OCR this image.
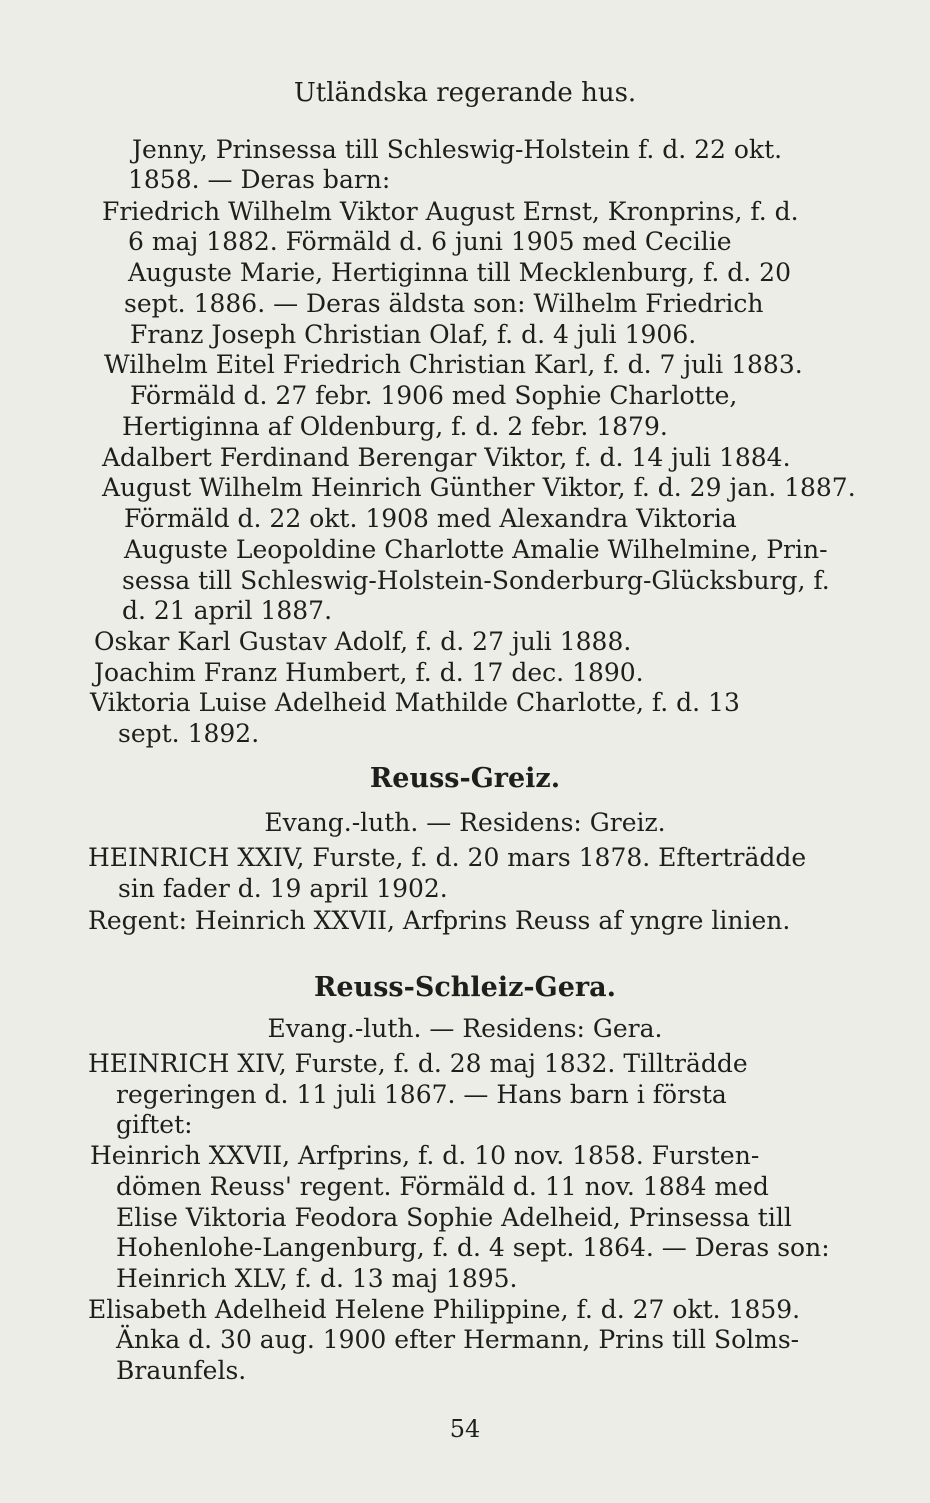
Utländska regerande hus.
Jenny, Prinsessa till Schleswig-Holstein f. d. 22 okt.
1858. — Deras barn:
Friedrich Wilhelm Viktor August Ernst, Kronprins, f. d.
6 maj 1882. Förmäld d. 6 juni 1905 med Cecilie
Auguste Marie, Hertiginna till Mecklenburg, f. d. 20
sept. 1886. — Deras äldsta son: Wilhelm Friedrich
Franz Joseph Christian Olaf, f. d. 4 juli 1906.
Wilhelm Eitel Friedrich Christian Karl, f. d. 7 juli 1883.
Förmäld d. 27 febr. 1906 med Sophie Charlotte,
Hertiginna af Oldenburg, f. d. 2 febr. 1879.
Adalbert Ferdinand Berengar Viktor, f. d. 14 juli 1884.
August Wilhelm Heinrich Günther Viktor, f. d. 29 jan. 1887.
Förmäld d. 22 okt. 1908 med Alexandra Viktoria
Auguste Leopoldine Charlotte Amalie Wilhelmine, Prin-
sessa till Schleswig-Holstein-Sonderburg-Glücksburg, f.
d. 21 april 1887.
Oskar Karl Gustav Adolf, f. d. 27 juli 1888.
Joachim Franz Humbert, f. d. 17 dec. 1890.
Viktoria Luise Adelheid Mathilde Charlotte, f. d. 13
sept. 1892.
Reuss-Greiz.
Evang.-luth. — Residens: Greiz.
HEINRICH XXIV, Furste, f. d. 20 mars 1878. Efterträdde
sin fader d. 19 april 1902.
Regent: Heinrich XXVII, Arfprins Reuss af yngre linien.
Reuss-Schleiz-Gera.
Evang.-luth. — Residens: Gera.
HEINRICH XIV, Furste, f. d. 28 maj 1832. Tillträdde
regeringen d. 11 juli 1867. — Hans barn i första
giftet:
Heinrich XXVII, Arfprins, f. d. 10 nov. 1858. Fursten-
dömen Reuss' regent. Förmäld d. 11 nov. 1884 med
Elise Viktoria Feodora Sophie Adelheid, Prinsessa till
Hohenlohe-Langenburg, f. d. 4 sept. 1864. — Deras son:
Heinrich XLV, f. d. 13 maj 1895.
Elisabeth Adelheid Helene Philippine, f. d. 27 okt. 1859.
Änka d. 30 aug. 1900 efter Hermann, Prins till Solms-
Braunfels.
54
